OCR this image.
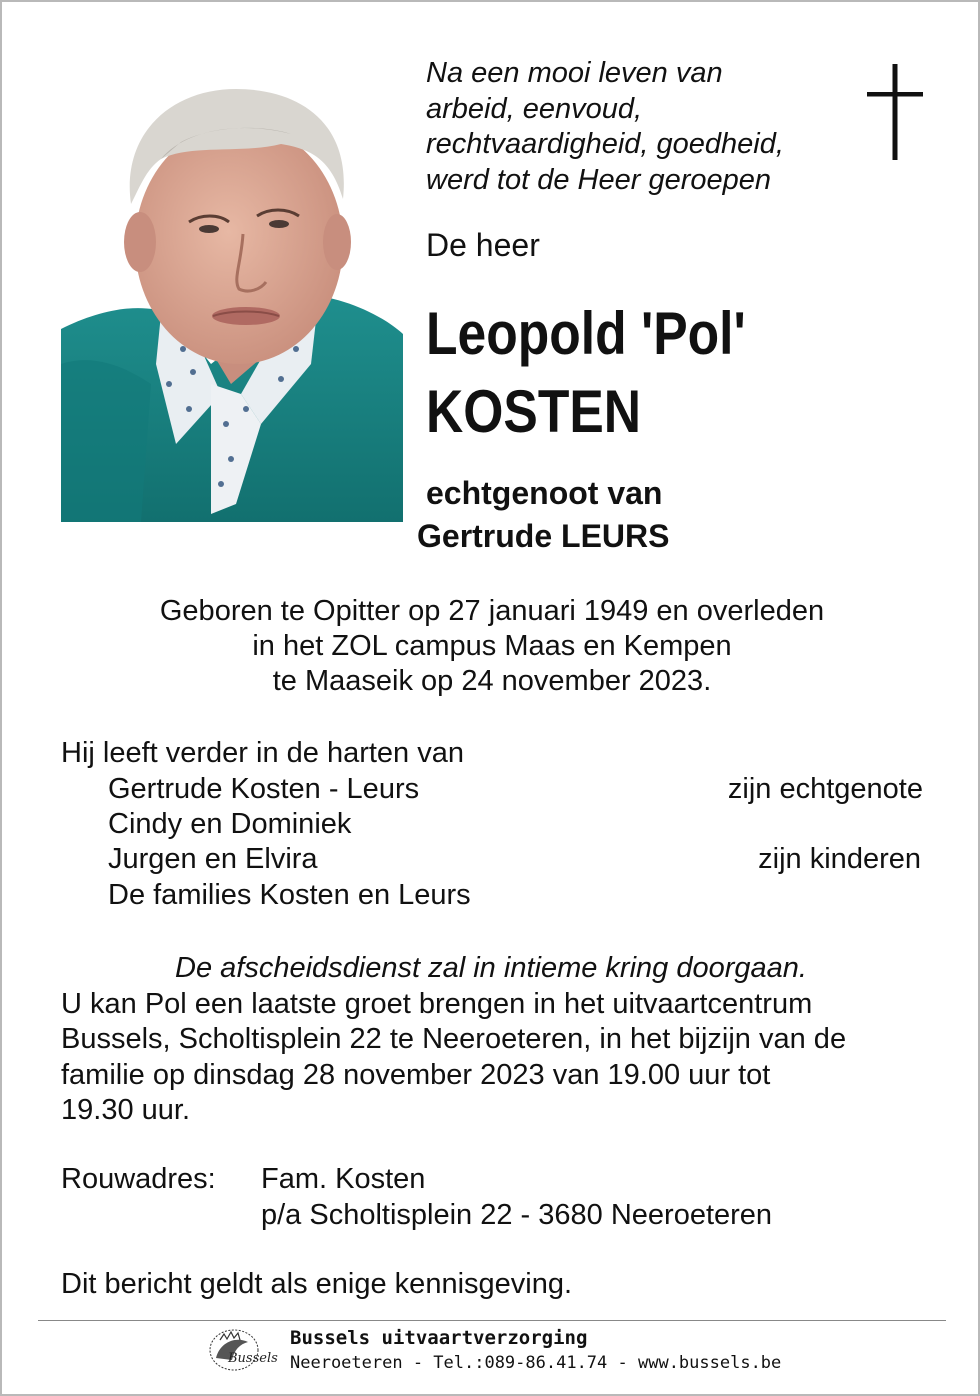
Na een mooi leven van
arbeid, eenvoud,
rechtvaardigheid, goedheid,
werd tot de Heer geroepen
De heer
Leopold 'Pol'
KOSTEN
echtgenoot van
Gertrude LEURS
Geboren te Opitter op 27 januari 1949 en overleden
in het ZOL campus Maas en Kempen
te Maaseik op 24 november 2023.
Hij leeft verder in de harten van
Gertrude Kosten - Leurs	zijn echtgenote
Cindy en Dominiek
Jurgen en Elvira	zijn kinderen
De families Kosten en Leurs
De afscheidsdienst zal in intieme kring doorgaan.
U kan Pol een laatste groet brengen in het uitvaartcentrum
Bussels, Scholtisplein 22 te Neeroeteren, in het bijzijn van de
familie op dinsdag 28 november 2023 van 19.00 uur tot
19.30 uur.
Rouwadres: Fam. Kosten
p/a Scholtisplein 22 - 3680 Neeroeteren
Dit bericht geldt als enige kennisgeving.
Bussels
Bussels uitvaartverzorging
Neeroeteren - Tel.:089-86.41.74 - www.bussels.be
